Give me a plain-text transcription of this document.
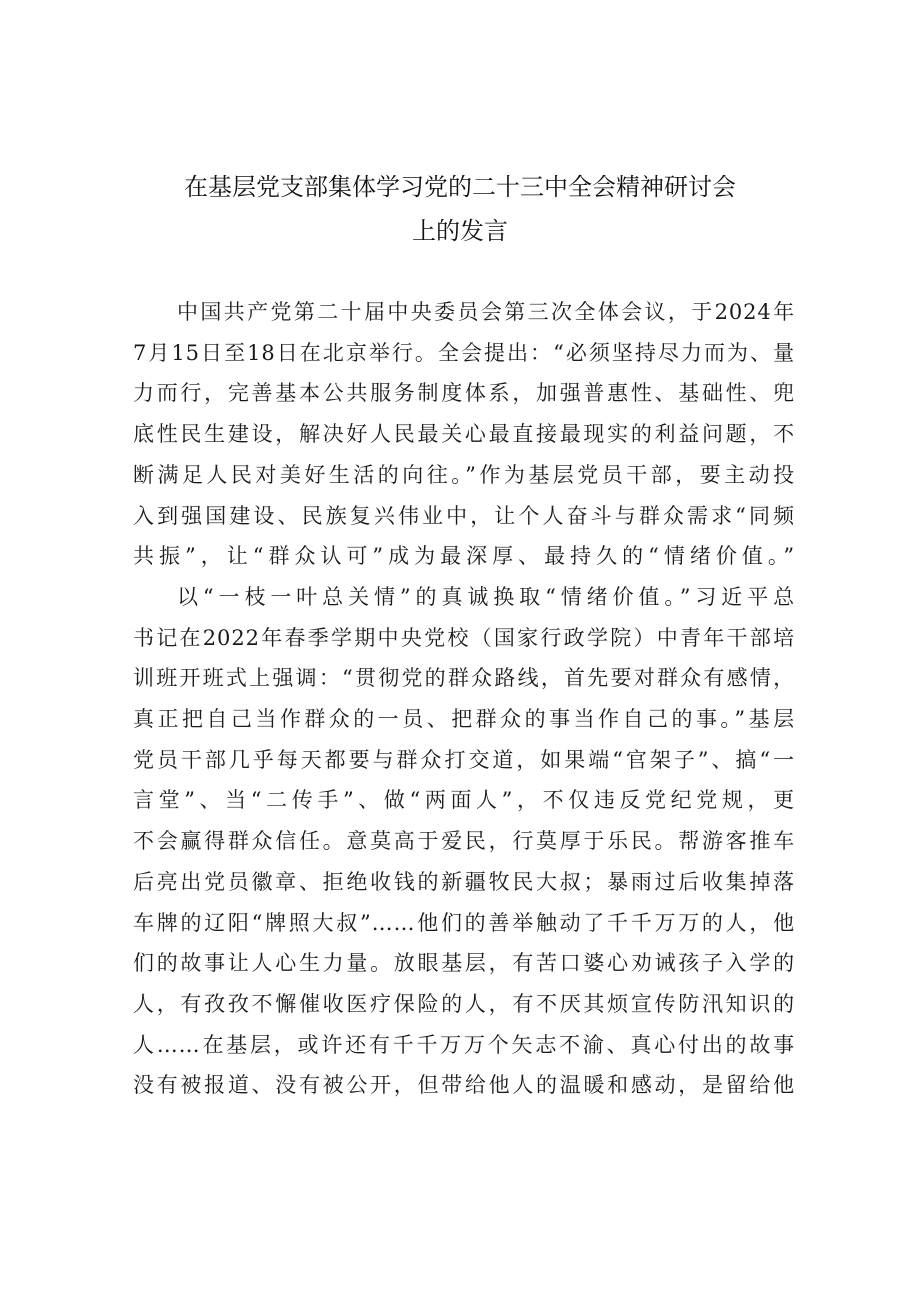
在基层党支部集体学习党的二十三中全会精神研讨会
上的发言
中国共产党第二十届中央委员会第三次全体会议，于2024年
7月15日至18日在北京举行。全会提出：“必须坚持尽力而为、量
力而行，完善基本公共服务制度体系，加强普惠性、基础性、兜
底性民生建设，解决好人民最关心最直接最现实的利益问题，不
断满足人民对美好生活的向往。”作为基层党员干部，要主动投
入到强国建设、民族复兴伟业中，让个人奋斗与群众需求“同频
共振”，让“群众认可”成为最深厚、最持久的“情绪价值。”
以“一枝一叶总关情”的真诚换取“情绪价值。”习近平总
书记在2022年春季学期中央党校（国家行政学院）中青年干部培
训班开班式上强调：“贯彻党的群众路线，首先要对群众有感情，
真正把自己当作群众的一员、把群众的事当作自己的事。”基层
党员干部几乎每天都要与群众打交道，如果端“官架子”、搞“一
言堂”、当“二传手”、做“两面人”，不仅违反党纪党规，更
不会赢得群众信任。意莫高于爱民，行莫厚于乐民。帮游客推车
后亮出党员徽章、拒绝收钱的新疆牧民大叔；暴雨过后收集掉落
车牌的辽阳“牌照大叔”……他们的善举触动了千千万万的人，他
们的故事让人心生力量。放眼基层，有苦口婆心劝诫孩子入学的
人，有孜孜不懈催收医疗保险的人，有不厌其烦宣传防汛知识的
人……在基层，或许还有千千万万个矢志不渝、真心付出的故事
没有被报道、没有被公开，但带给他人的温暖和感动，是留给他
